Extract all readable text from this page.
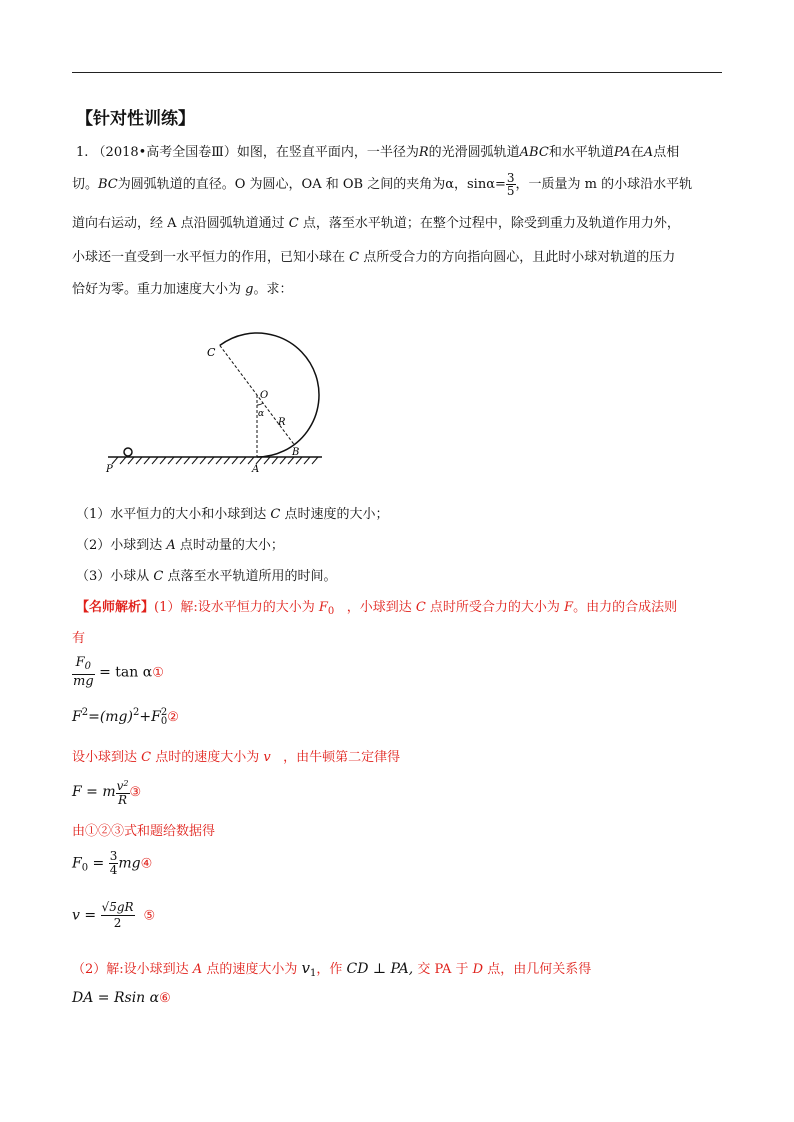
【针对性训练】
1. （2018•高考全国卷Ⅲ）如图，在竖直平面内，一半径为R的光滑圆弧轨道ABC和水平轨道PA在A点相
切。BC为圆弧轨道的直径。O 为圆心，OA 和 OB 之间的夹角为α，$\sin\alpha= \frac{3}{5}$ ，一质量为 m 的小球沿水平轨
道向右运动，经 A 点沿圆弧轨道通过 C 点，落至水平轨道；在整个过程中，除受到重力及轨道作用力外，
小球还一直受到一水平恒力的作用，已知小球在 C 点所受合力的方向指向圆心，且此时小球对轨道的压力
恰好为零。重力加速度大小为 g。求：
C
O
α
R
P	A
B
（1）水平恒力的大小和小球到达 C 点时速度的大小；
（2）小球到达 A 点时动量的大小；
（3）小球从 C 点落至水平轨道所用的时间。
【名师解析】(1）解:设水平恒力的大小为 $F_0$ ，小球到达 C 点时所受合力的大小为 F。由力的合成法则
有
$\frac{F_0}{mg} = \tan$ α①
$F^2=(mg)^2+F$ 2
0 ②
设小球到达 C 点时的速度大小为 v ，由牛顿第二定律得
F = m $\frac{v^2}{R}$ ③
由①②③式和题给数据得
$F_0 = \frac{3}{4}$ mg④
$v = \frac{√5gR}{2}$ ⑤
（2）解:设小球到达 A 点的速度大小为 $v_1$，作 CD ⊥ PA, 交 PA 于 D 点，由几何关系得
DA = Rsin α⑥
